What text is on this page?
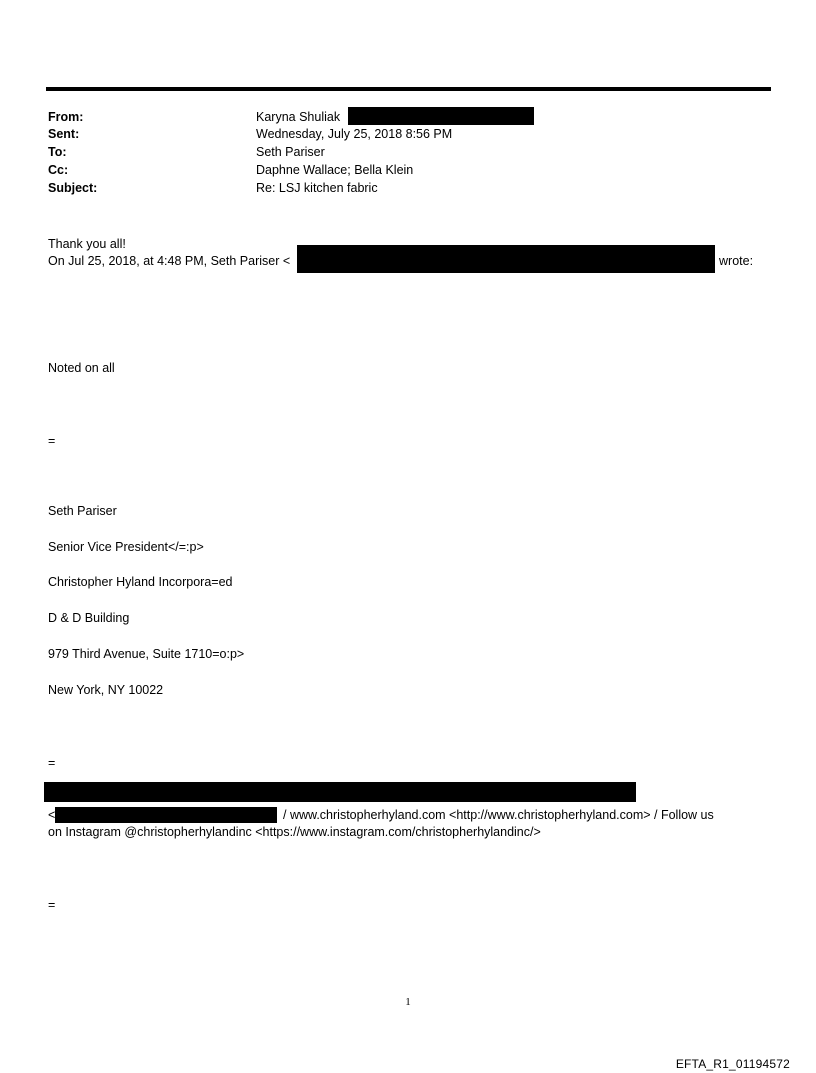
From:	Karyna Shuliak
Sent:	Wednesday, July 25, 2018 8:56 PM
To:	Seth Pariser
Cc:	Daphne Wallace; Bella Klein
Subject:	Re: LSJ kitchen fabric
Thank you all!
On Jul 25, 2018, at 4:48 PM, Seth Pariser <	wrote:
Noted on all
=
Seth Pariser
Senior Vice President</=:p>
Christopher Hyland Incorpora=ed
D & D Building
979 Third Avenue, Suite 1710=o:p>
New York, NY 10022
=
<	/ www.christopherhyland.com <http://www.christopherhyland.com> / Follow us
on Instagram @christopherhylandinc <https://www.instagram.com/christopherhylandinc/>
=
1
EFTA_R1_01194572
